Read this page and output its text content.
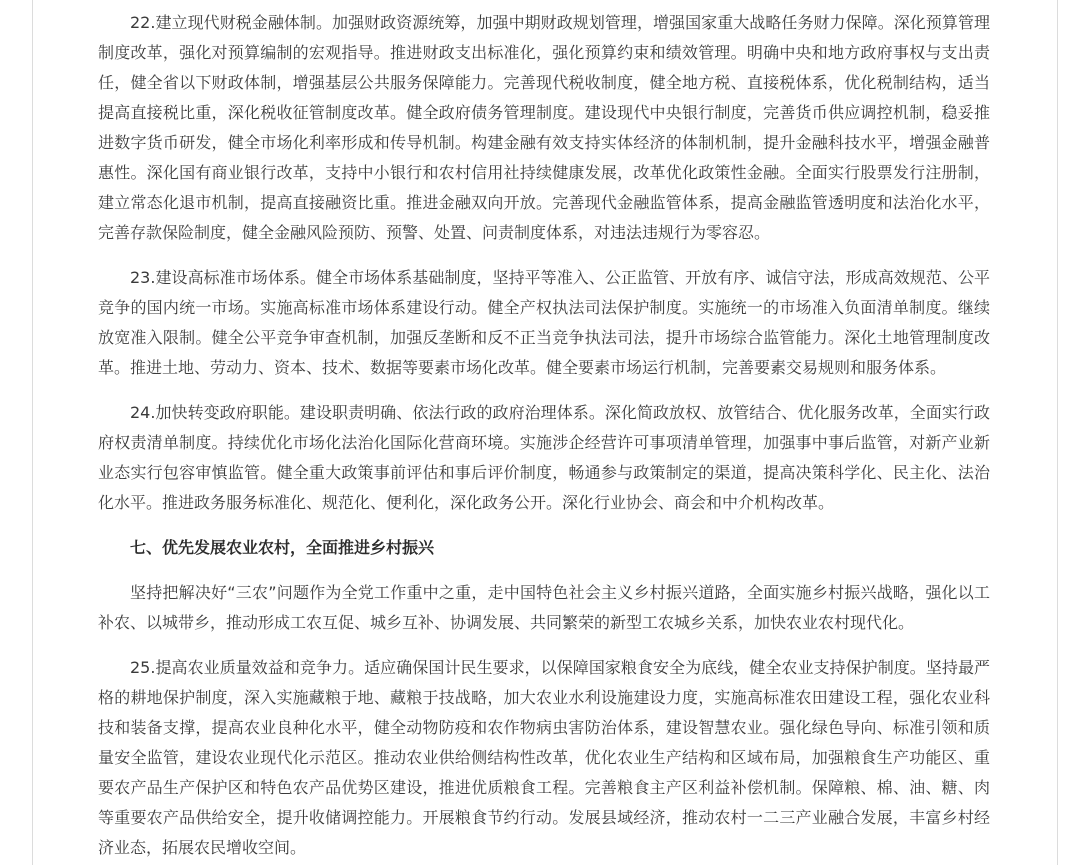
22.建立现代财税金融体制。加强财政资源统筹，加强中期财政规划管理，增强国家重大战略任务财力保障。深化预算管理制度改革，强化对预算编制的宏观指导。推进财政支出标准化，强化预算约束和绩效管理。明确中央和地方政府事权与支出责任，健全省以下财政体制，增强基层公共服务保障能力。完善现代税收制度，健全地方税、直接税体系，优化税制结构，适当提高直接税比重，深化税收征管制度改革。健全政府债务管理制度。建设现代中央银行制度，完善货币供应调控机制，稳妥推进数字货币研发，健全市场化利率形成和传导机制。构建金融有效支持实体经济的体制机制，提升金融科技水平，增强金融普惠性。深化国有商业银行改革，支持中小银行和农村信用社持续健康发展，改革优化政策性金融。全面实行股票发行注册制，建立常态化退市机制，提高直接融资比重。推进金融双向开放。完善现代金融监管体系，提高金融监管透明度和法治化水平，完善存款保险制度，健全金融风险预防、预警、处置、问责制度体系，对违法违规行为零容忍。

23.建设高标准市场体系。健全市场体系基础制度，坚持平等准入、公正监管、开放有序、诚信守法，形成高效规范、公平竞争的国内统一市场。实施高标准市场体系建设行动。健全产权执法司法保护制度。实施统一的市场准入负面清单制度。继续放宽准入限制。健全公平竞争审查机制，加强反垄断和反不正当竞争执法司法，提升市场综合监管能力。深化土地管理制度改革。推进土地、劳动力、资本、技术、数据等要素市场化改革。健全要素市场运行机制，完善要素交易规则和服务体系。

24.加快转变政府职能。建设职责明确、依法行政的政府治理体系。深化简政放权、放管结合、优化服务改革，全面实行政府权责清单制度。持续优化市场化法治化国际化营商环境。实施涉企经营许可事项清单管理，加强事中事后监管，对新产业新业态实行包容审慎监管。健全重大政策事前评估和事后评价制度，畅通参与政策制定的渠道，提高决策科学化、民主化、法治化水平。推进政务服务标准化、规范化、便利化，深化政务公开。深化行业协会、商会和中介机构改革。

七、优先发展农业农村，全面推进乡村振兴

坚持把解决好“三农”问题作为全党工作重中之重，走中国特色社会主义乡村振兴道路，全面实施乡村振兴战略，强化以工补农、以城带乡，推动形成工农互促、城乡互补、协调发展、共同繁荣的新型工农城乡关系，加快农业农村现代化。

25.提高农业质量效益和竞争力。适应确保国计民生要求，以保障国家粮食安全为底线，健全农业支持保护制度。坚持最严格的耕地保护制度，深入实施藏粮于地、藏粮于技战略，加大农业水利设施建设力度，实施高标准农田建设工程，强化农业科技和装备支撑，提高农业良种化水平，健全动物防疫和农作物病虫害防治体系，建设智慧农业。强化绿色导向、标准引领和质量安全监管，建设农业现代化示范区。推动农业供给侧结构性改革，优化农业生产结构和区域布局，加强粮食生产功能区、重要农产品生产保护区和特色农产品优势区建设，推进优质粮食工程。完善粮食主产区利益补偿机制。保障粮、棉、油、糖、肉等重要农产品供给安全，提升收储调控能力。开展粮食节约行动。发展县域经济，推动农村一二三产业融合发展，丰富乡村经济业态，拓展农民增收空间。
